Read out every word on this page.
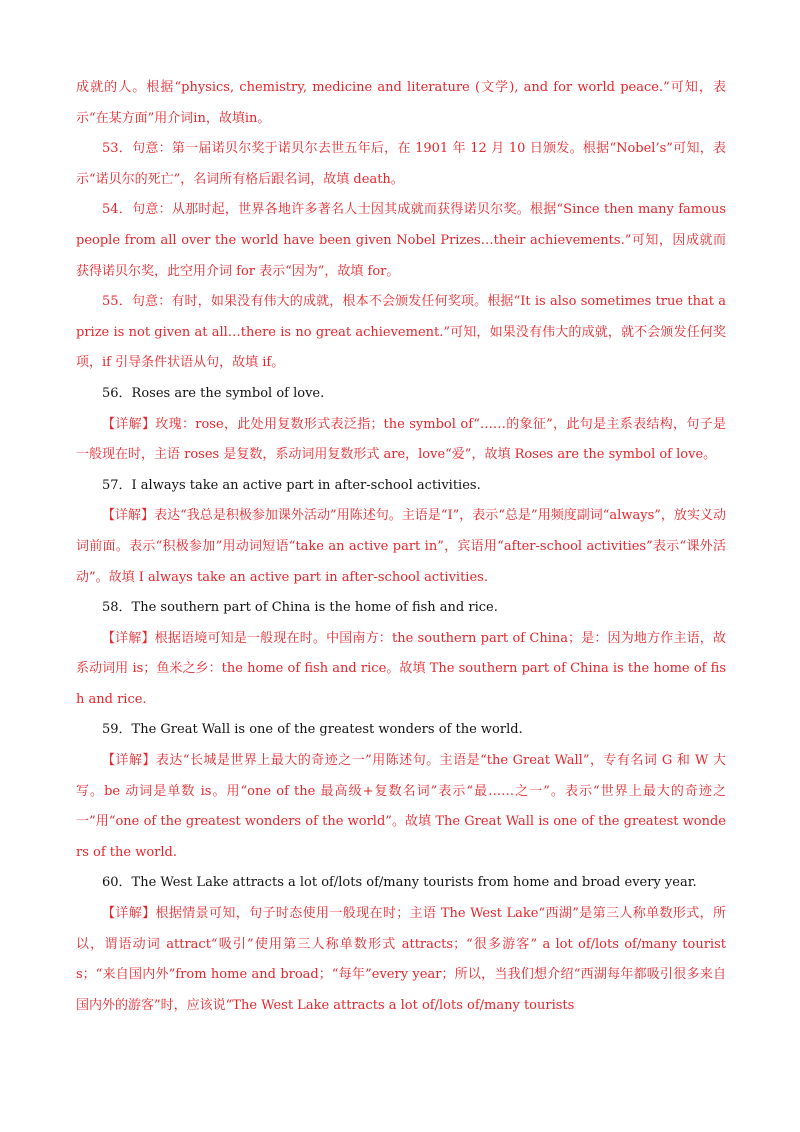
成就的人。根据“physics, chemistry, medicine and literature (文学), and for world peace.”可知，表示“在某方面”用介词in，故填in。

53．句意：第一届诺贝尔奖于诺贝尔去世五年后，在 1901 年 12 月 10 日颁发。根据“Nobel’s”可知，表示“诺贝尔的死亡”，名词所有格后跟名词，故填 death。

54．句意：从那时起，世界各地许多著名人士因其成就而获得诺贝尔奖。根据“Since then many famous people from all over the world have been given Nobel Prizes…their achievements.”可知，因成就而获得诺贝尔奖，此空用介词 for 表示“因为”，故填 for。

55．句意：有时，如果没有伟大的成就，根本不会颁发任何奖项。根据“It is also sometimes true that a prize is not given at all…there is no great achievement.”可知，如果没有伟大的成就，就不会颁发任何奖项，if 引导条件状语从句，故填 if。

56．Roses are the symbol of love.

【详解】玫瑰：rose，此处用复数形式表泛指；the symbol of“……的象征”，此句是主系表结构，句子是一般现在时，主语 roses 是复数，系动词用复数形式 are，love“爱”，故填 Roses are the symbol of love。

57．I always take an active part in after-school activities.

【详解】表达“我总是积极参加课外活动”用陈述句。主语是“I”，表示“总是”用频度副词“always”，放实义动词前面。表示“积极参加”用动词短语“take an active part in”，宾语用“after-school activities”表示“课外活动”。故填 I always take an active part in after-school activities.

58．The southern part of China is the home of fish and rice.

【详解】根据语境可知是一般现在时。中国南方：the southern part of China；是：因为地方作主语，故系动词用 is；鱼米之乡：the home of fish and rice。故填 The southern part of China is the home of fish and rice.

59．The Great Wall is one of the greatest wonders of the world.

【详解】表达“长城是世界上最大的奇迹之一”用陈述句。主语是“the Great Wall”，专有名词 G 和 W 大写。be 动词是单数 is。用“one of the 最高级+复数名词”表示“最……之一”。表示“世界上最大的奇迹之一”用“one of the greatest wonders of the world”。故填 The Great Wall is one of the greatest wonders of the world.

60．The West Lake attracts a lot of/lots of/many tourists from home and broad every year.

【详解】根据情景可知，句子时态使用一般现在时；主语 The West Lake“西湖”是第三人称单数形式，所以，谓语动词 attract“吸引”使用第三人称单数形式 attracts；“很多游客” a lot of/lots of/many tourists；“来自国内外”from home and broad；“每年”every year；所以，当我们想介绍“西湖每年都吸引很多来自国内外的游客”时，应该说“The West Lake attracts a lot of/lots of/many tourists
